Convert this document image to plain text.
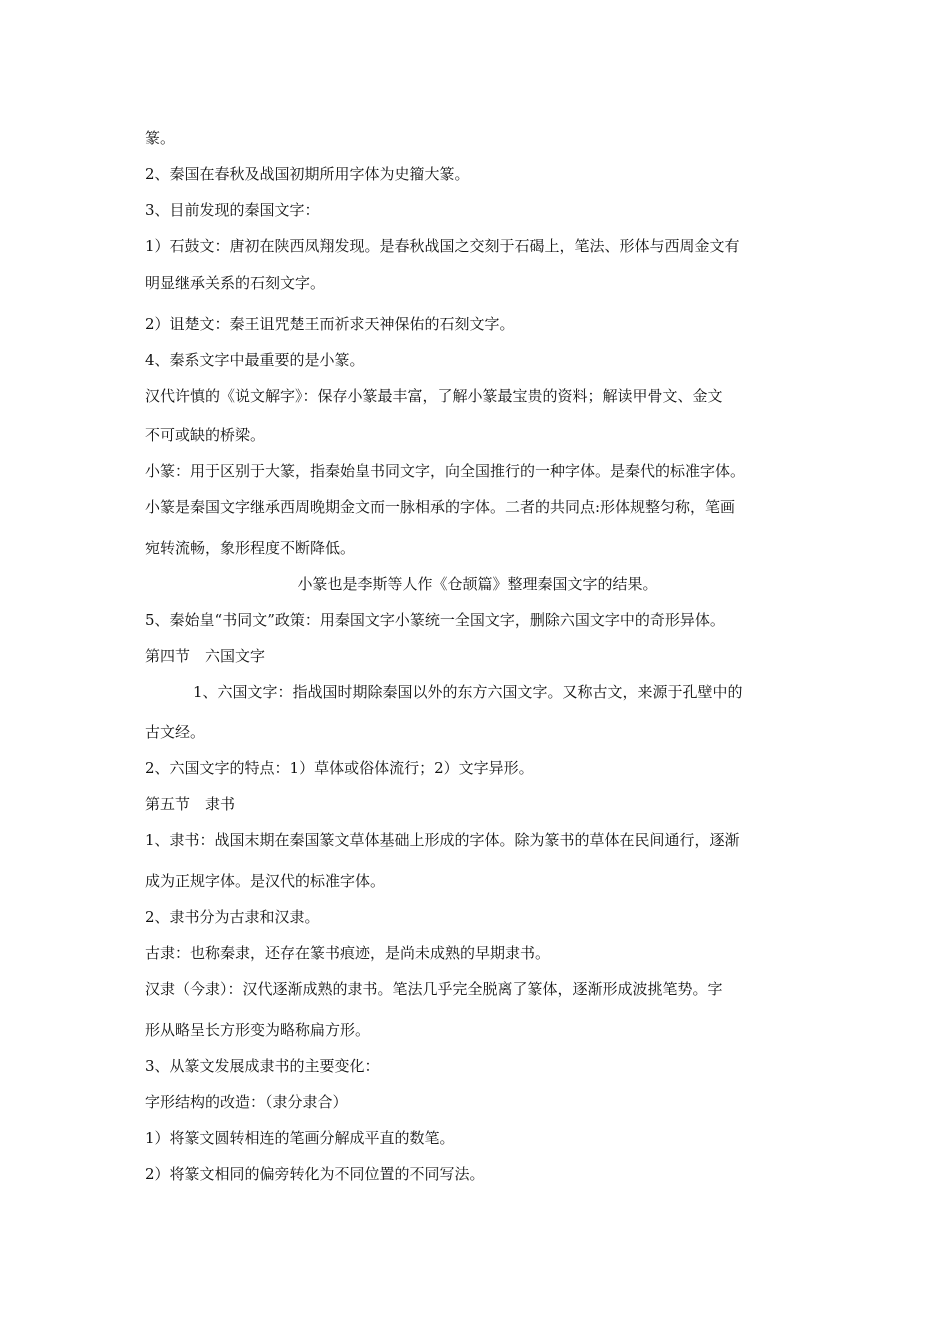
篆。
2、秦国在春秋及战国初期所用字体为史籀大篆。
3、目前发现的秦国文字：
1）石鼓文：唐初在陕西凤翔发现。是春秋战国之交刻于石碣上，笔法、形体与西周金文有
明显继承关系的石刻文字。
2）诅楚文：秦王诅咒楚王而祈求天神保佑的石刻文字。
4、秦系文字中最重要的是小篆。
汉代许慎的《说文解字》：保存小篆最丰富，了解小篆最宝贵的资料；解读甲骨文、金文
不可或缺的桥梁。
小篆：用于区别于大篆，指秦始皇书同文字，向全国推行的一种字体。是秦代的标准字体。
小篆是秦国文字继承西周晚期金文而一脉相承的字体。二者的共同点:形体规整匀称，笔画
宛转流畅，象形程度不断降低。
小篆也是李斯等人作《仓颉篇》整理秦国文字的结果。
5、秦始皇“书同文”政策：用秦国文字小篆统一全国文字，删除六国文字中的奇形异体。
第四节　六国文字
1、六国文字：指战国时期除秦国以外的东方六国文字。又称古文，来源于孔壁中的
古文经。
2、六国文字的特点：1）草体或俗体流行；2）文字异形。
第五节　隶书
1、隶书：战国末期在秦国篆文草体基础上形成的字体。除为篆书的草体在民间通行，逐渐
成为正规字体。是汉代的标准字体。
2、隶书分为古隶和汉隶。
古隶：也称秦隶，还存在篆书痕迹，是尚未成熟的早期隶书。
汉隶（今隶）：汉代逐渐成熟的隶书。笔法几乎完全脱离了篆体，逐渐形成波挑笔势。字
形从略呈长方形变为略称扁方形。
3、从篆文发展成隶书的主要变化：
字形结构的改造：（隶分隶合）
1）将篆文圆转相连的笔画分解成平直的数笔。
2）将篆文相同的偏旁转化为不同位置的不同写法。
